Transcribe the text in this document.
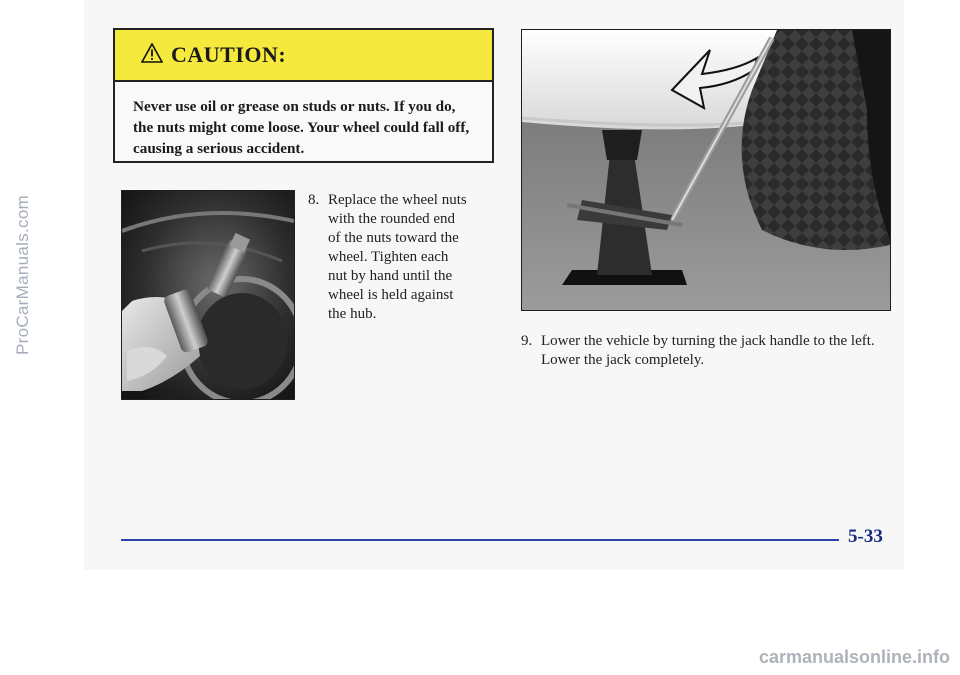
ProCarManuals.com
CAUTION:
Never use oil or grease on studs or nuts. If you do, the nuts might come loose. Your wheel could fall off, causing a serious accident.
8. Replace the wheel nuts with the rounded end of the nuts toward the wheel. Tighten each nut by hand until the wheel is held against the hub.
9. Lower the vehicle by turning the jack handle to the left. Lower the jack completely.
5-33
carmanualsonline.info
